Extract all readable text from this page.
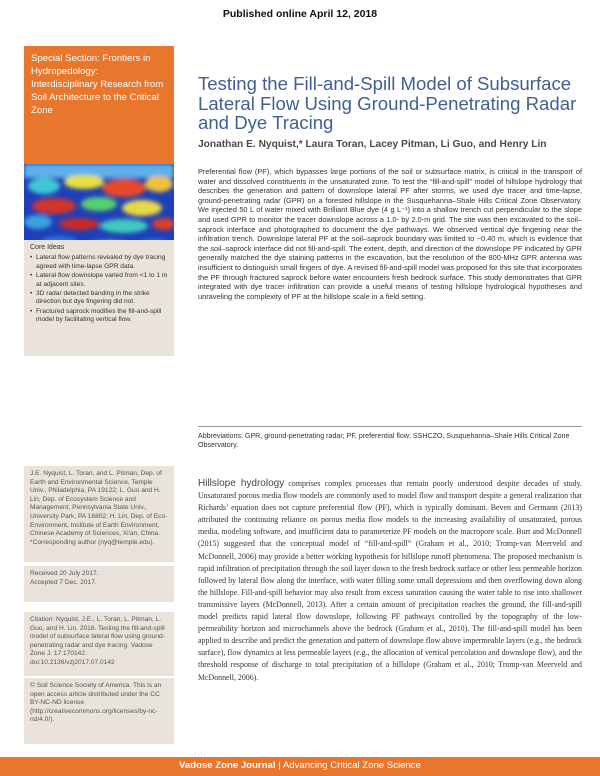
Published online April 12, 2018
Special Section: Frontiers in Hydropedology: Interdisciplinary Research from Soil Architecture to the Critical Zone
Core Ideas
• Lateral flow patterns revealed by dye tracing agreed with time-lapse GPR data.
• Lateral flow downslope varied from <1 to 1 m at adjacent sites.
• 3D radar detected banding in the strike direction but dye fingering did not.
• Fractured saprock modifies the fill-and-spill model by facilitating vertical flow.
J.E. Nyquist, L. Toran, and L. Pitman, Dep. of Earth and Environmental Science, Temple Univ., Philadelphia, PA 19122; L. Guo and H. Lin, Dep. of Ecosystem Science and Management, Pennsylvania State Univ., University Park, PA 16802; H. Lin, Dep. of Eco-Environment, Institute of Earth Environment, Chinese Academy of Sciences, Xi'an, China. *Corresponding author (nyq@temple.edu).
Received 20 July 2017.
Accepted 7 Dec. 2017.
Citation: Nyquist, J.E., L. Toran, L. Pitman, L. Guo, and H. Lin. 2018. Testing the fill-and-spill model of subsurface lateral flow using ground-penetrating radar and dye tracing. Vadose Zone J. 17:170142. doi:10.2136/vzj2017.07.0142
© Soil Science Society of America. This is an open access article distributed under the CC BY-NC-ND license (http://creativecommons.org/licenses/by-nc-nd/4.0/).
Testing the Fill-and-Spill Model of Subsurface Lateral Flow Using Ground-Penetrating Radar and Dye Tracing
Jonathan E. Nyquist,* Laura Toran, Lacey Pitman, Li Guo, and Henry Lin
Preferential flow (PF), which bypasses large portions of the soil or subsurface matrix, is critical in the transport of water and dissolved constituents in the unsaturated zone. To test the “fill-and-spill” model of hillslope hydrology that describes the generation and pattern of downslope lateral PF after storms, we used dye tracer and time-lapse, ground-penetrating radar (GPR) on a forested hillslope in the Susquehanna–Shale Hills Critical Zone Observatory. We injected 50 L of water mixed with Brilliant Blue dye (4 g L⁻¹) into a shallow trench cut perpendicular to the slope and used GPR to monitor the tracer downslope across a 1.0- by 2.0-m grid. The site was then excavated to the soil–saprock interface and photographed to document the dye pathways. We observed vertical dye fingering near the infiltration trench. Downslope lateral PF at the soil–saprock boundary was limited to ~0.40 m, which is evidence that the soil–saprock interface did not fill-and-spill. The extent, depth, and direction of the downslope PF indicated by GPR generally matched the dye staining patterns in the excavation, but the resolution of the 800-MHz GPR antenna was insufficient to distinguish small fingers of dye. A revised fill-and-spill model was proposed for this site that incorporates the PF through fractured saprock before water encounters fresh bedrock surface. This study demonstrates that GPR integrated with dye tracer infiltration can provide a useful means of testing hillslope hydrological hypotheses and unraveling the complexity of PF at the hillslope scale in a field setting.
Abbreviations: GPR, ground-penetrating radar; PF, preferential flow; SSHCZO, Susquehanna–Shale Hills Critical Zone Observatory.
Hillslope hydrology comprises complex processes that remain poorly understood despite decades of study. Unsaturated porous media flow models are commonly used to model flow and transport despite a general realization that Richards’ equation does not capture preferential flow (PF), which is typically dominant. Beven and Germann (2013) attributed the continuing reliance on porous media flow models to the increasing availability of unsaturated, porous media, modeling software, and insufficient data to parameterize PF models on the macropore scale. Burt and McDonnell (2015) suggested that the conceptual model of “fill-and-spill” (Graham et al., 2010; Tromp-van Meerveld and McDonnell, 2006) may provide a better working hypothesis for hillslope runoff phenomena. The proposed mechanism is rapid infiltration of precipitation through the soil layer down to the fresh bedrock surface or other less permeable horizon followed by lateral flow along the interface, with water filling some small depressions and then overflowing down along the hillslope. Fill-and-spill behavior may also result from excess saturation causing the water table to rise into shallower transmissive layers (McDonnell, 2013). After a certain amount of precipitation reaches the ground, the fill-and-spill model predicts rapid lateral flow downslope, following PF pathways controlled by the topography of the low-permeability horizon and microchannels above the bedrock (Graham et al., 2010). The fill-and-spill model has been applied to describe and predict the generation and pattern of downslope flow above impermeable layers (e.g., the bedrock surface), flow dynamics at less permeable layers (e.g., the allocation of vertical percolation and downslope flow), and the threshold response of discharge to total precipitation of a hillslope (Graham et al., 2010; Tromp-van Meerveld and McDonnell, 2006).
Vadose Zone Journal | Advancing Critical Zone Science
